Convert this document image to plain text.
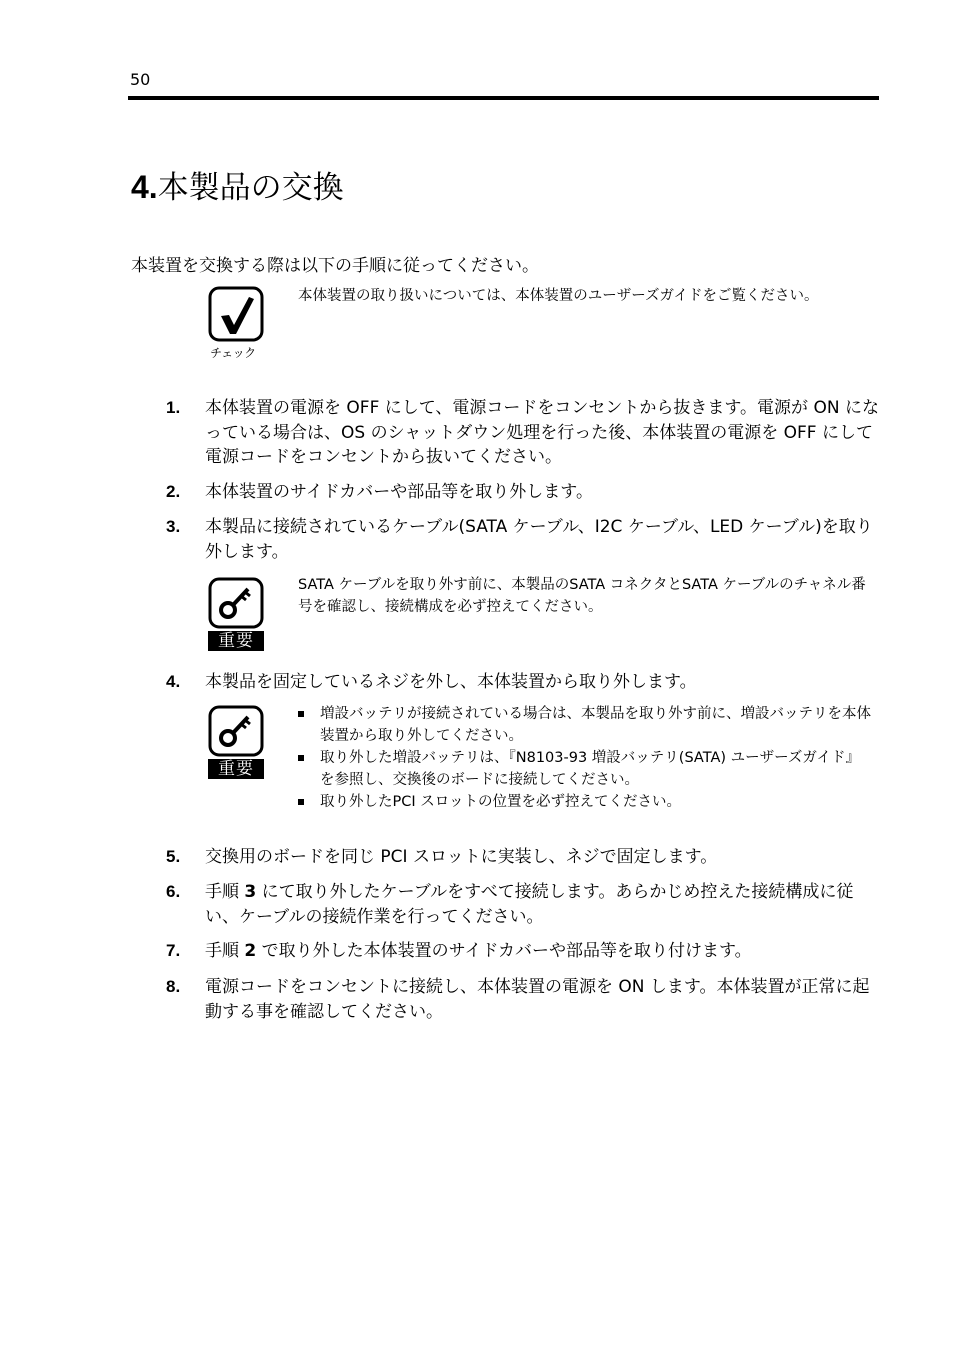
50
4.本製品の交換
本装置を交換する際は以下の手順に従ってください。
チェック
本体装置の取り扱いについては、本体装置のユーザーズガイドをご覧ください。
1. 本体装置の電源を OFF にして、電源コードをコンセントから抜きます。電源が ON になっている場合は、OS のシャットダウン処理を行った後、本体装置の電源を OFF にして電源コードをコンセントから抜いてください。
2. 本体装置のサイドカバーや部品等を取り外します。
3. 本製品に接続されているケーブル(SATA ケーブル、I2C ケーブル、LED ケーブル)を取り外します。
重要
SATA ケーブルを取り外す前に、本製品のSATA コネクタとSATA ケーブルのチャネル番号を確認し、接続構成を必ず控えてください。
4. 本製品を固定しているネジを外し、本体装置から取り外します。
重要
増設バッテリが接続されている場合は、本製品を取り外す前に、増設バッテリを本体装置から取り外してください。
取り外した増設バッテリは、『N8103-93 増設バッテリ(SATA) ユーザーズガイド』を参照し、交換後のボードに接続してください。
取り外したPCI スロットの位置を必ず控えてください。
5. 交換用のボードを同じ PCI スロットに実装し、ネジで固定します。
6. 手順 3 にて取り外したケーブルをすべて接続します。あらかじめ控えた接続構成に従い、ケーブルの接続作業を行ってください。
7. 手順 2 で取り外した本体装置のサイドカバーや部品等を取り付けます。
8. 電源コードをコンセントに接続し、本体装置の電源を ON します。本体装置が正常に起動する事を確認してください。
